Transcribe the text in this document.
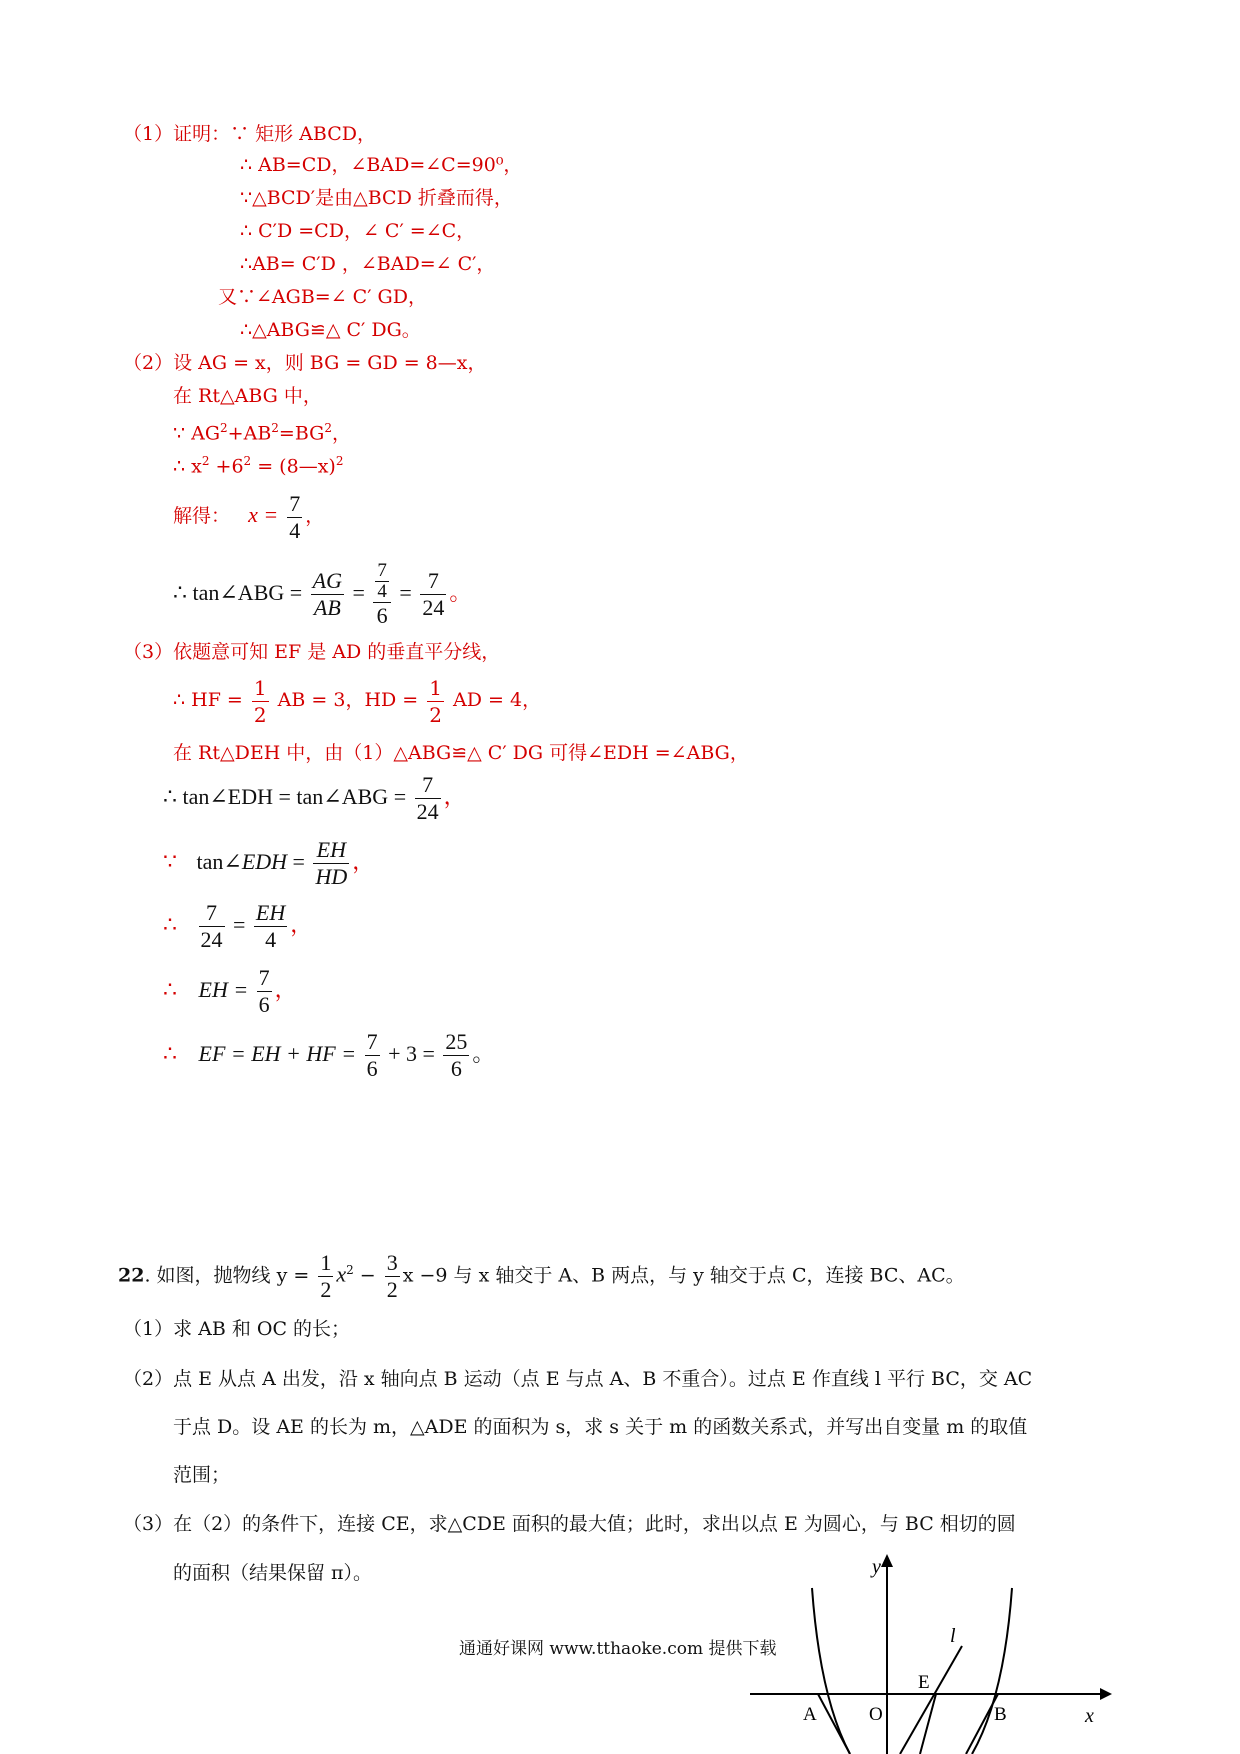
（1）证明：∵ 矩形 ABCD，
∴ AB=CD，∠BAD=∠C=90⁰，
∵△BCD′是由△BCD 折叠而得，
∴ C′D =CD，∠ C′ =∠C，
∴AB= C′D ，∠BAD=∠ C′，
又∵∠AGB=∠ C′ GD，
∴△ABG≌△ C′ DG。
（2）设 AG = x，则 BG = GD = 8—x，
在 Rt△ABG 中，
∵ $AG^2+AB^2=BG^2$，
∴ $x^2 +6^2$ = (8—x)$^2$
解得： $x = \frac{7}{4}$ ，
∴ tan∠ABG = $\frac{AG}{AB} = \frac{\frac{7}{4}}{6} = \frac{7}{24}$ 。
（3）依题意可知 EF 是 AD 的垂直平分线，
∴ HF = $\frac{1}{2}$ AB = 3，HD = $\frac{1}{2}$ AD = 4，
在 Rt△DEH 中，由（1）△ABG≌△ C′ DG 可得∠EDH =∠ABG，
∴ tan∠EDH = tan∠ABG = $\frac{7}{24}$ ，
∵ tan∠EDH = $\frac{EH}{HD}$ ，
∴ $\frac{7}{24} = \frac{EH}{4}$ ，
∴ EH = $\frac{7}{6}$ ，
∴ EF = EH + HF = $\frac{7}{6} + 3 = \frac{25}{6}$ 。
22. 如图，抛物线 $y = \frac{1}{2} x^2 - \frac{3}{2}$ x −9 与 x 轴交于 A、B 两点，与 y 轴交于点 C，连接 BC、AC。
（1）求 AB 和 OC 的长；
（2）点 E 从点 A 出发，沿 x 轴向点 B 运动（点 E 与点 A、B 不重合）。过点 E 作直线 l 平行 BC，交 AC
于点 D。设 AE 的长为 m，△ADE 的面积为 s，求 s 关于 m 的函数关系式，并写出自变量 m 的取值
范围；
（3）在（2）的条件下，连接 CE，求△CDE 面积的最大值；此时，求出以点 E 为圆心，与 BC 相切的圆
的面积（结果保留 π）。
通通好课网 www.tthaoke.com 提供下载
y
x
l
E
A	O	B
